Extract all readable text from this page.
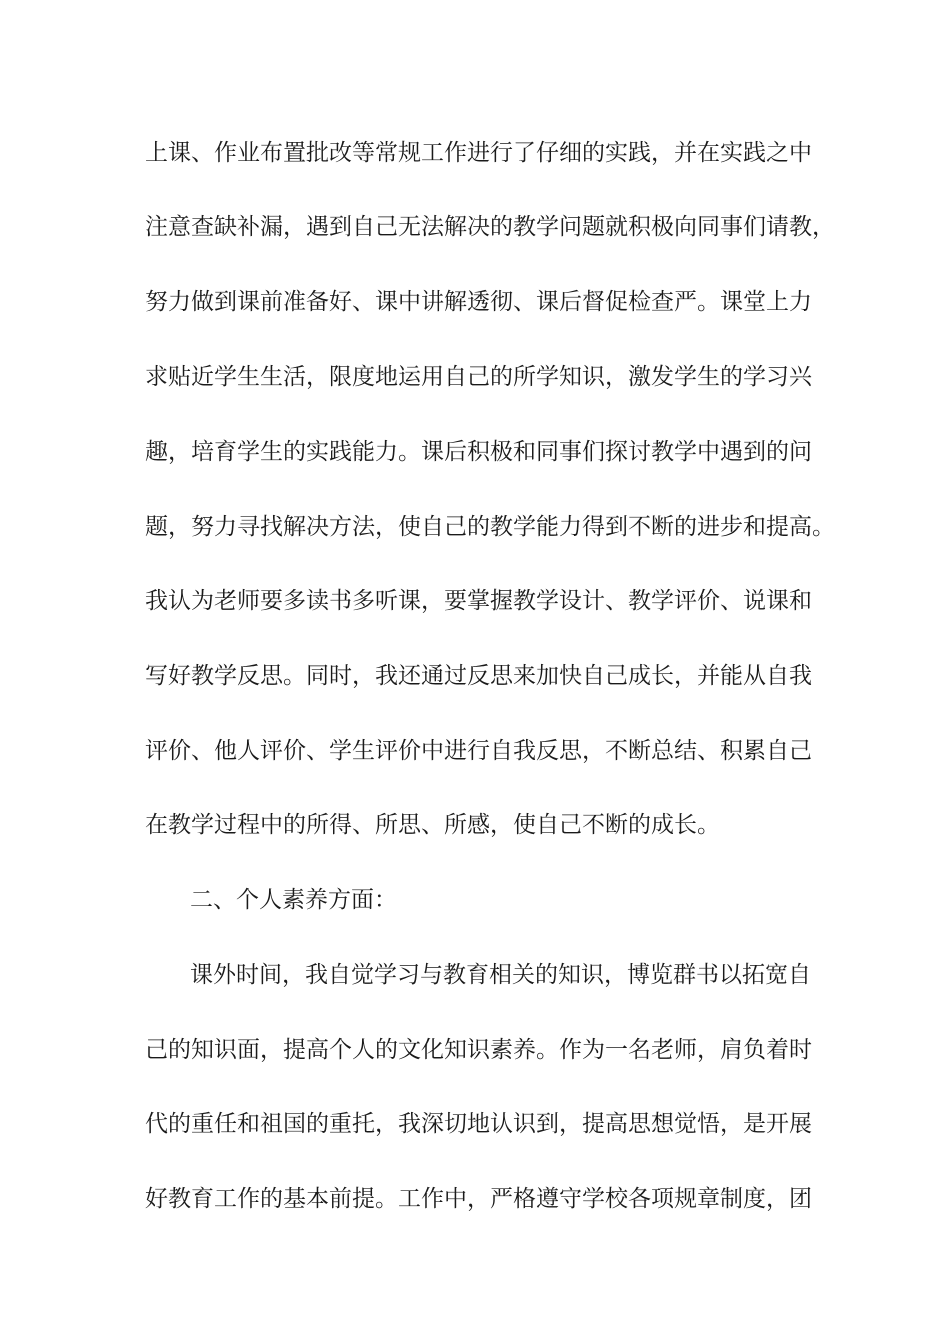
上课、作业布置批改等常规工作进行了仔细的实践，并在实践之中
注意查缺补漏，遇到自己无法解决的教学问题就积极向同事们请教，
努力做到课前准备好、课中讲解透彻、课后督促检查严。课堂上力
求贴近学生生活，限度地运用自己的所学知识，激发学生的学习兴
趣，培育学生的实践能力。课后积极和同事们探讨教学中遇到的问
题，努力寻找解决方法，使自己的教学能力得到不断的进步和提高。
我认为老师要多读书多听课，要掌握教学设计、教学评价、说课和
写好教学反思。同时，我还通过反思来加快自己成长，并能从自我
评价、他人评价、学生评价中进行自我反思，不断总结、积累自己
在教学过程中的所得、所思、所感，使自己不断的成长。
二、个人素养方面：
课外时间，我自觉学习与教育相关的知识，博览群书以拓宽自
己的知识面，提高个人的文化知识素养。作为一名老师，肩负着时
代的重任和祖国的重托，我深切地认识到，提高思想觉悟，是开展
好教育工作的基本前提。工作中，严格遵守学校各项规章制度，团
